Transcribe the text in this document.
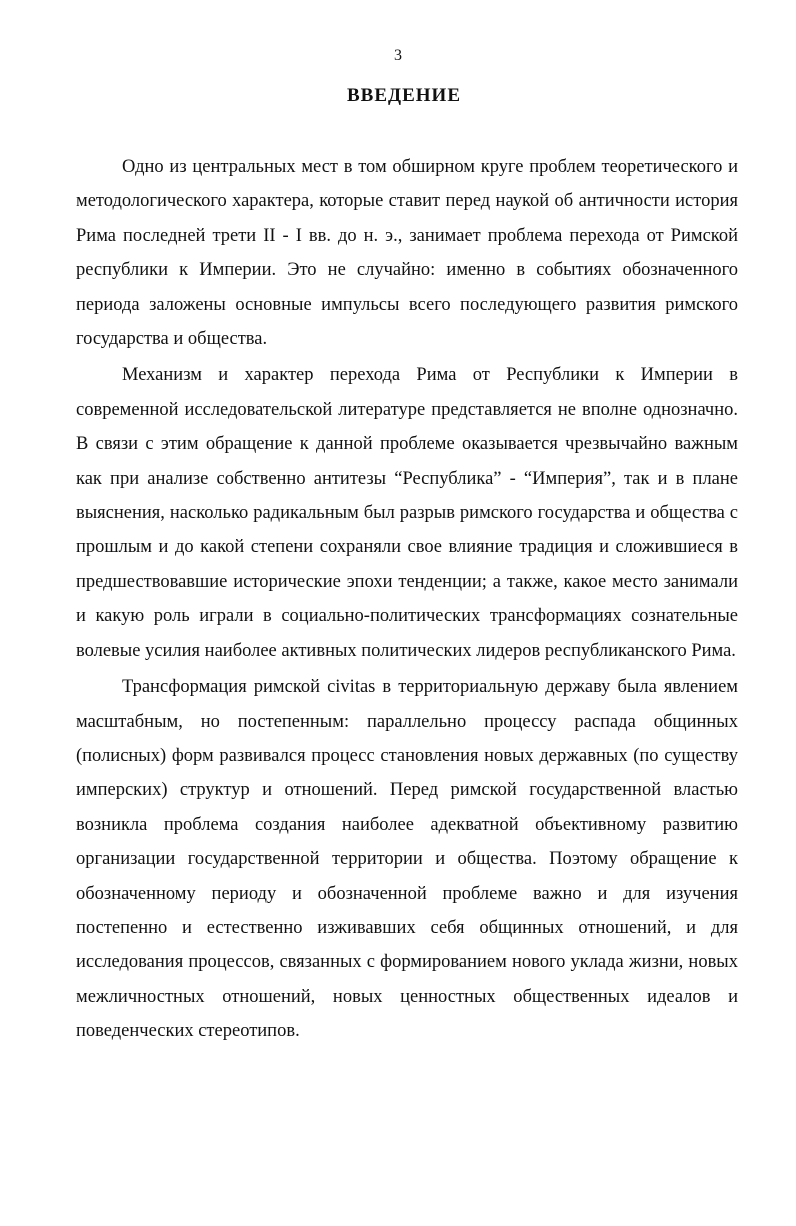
3
ВВЕДЕНИЕ

Одно из центральных мест в том обширном круге проблем теоретического и методологического характера, которые ставит перед наукой об античности история Рима последней трети II - I вв. до н. э., занимает проблема перехода от Римской республики к Империи. Это не случайно: именно в событиях обозначенного периода заложены основные импульсы всего последующего развития римского государства и общества.

Механизм и характер перехода Рима от Республики к Империи в современной исследовательской литературе представляется не вполне однозначно. В связи с этим обращение к данной проблеме оказывается чрезвычайно важным как при анализе собственно антитезы “Республика” - “Империя”, так и в плане выяснения, насколько радикальным был разрыв римского государства и общества с прошлым и до какой степени сохраняли свое влияние традиция и сложившиеся в предшествовавшие исторические эпохи тенденции; а также, какое место занимали и какую роль играли в социально-политических трансформациях сознательные волевые усилия наиболее активных политических лидеров республиканского Рима.

Трансформация римской civitas в территориальную державу была явлением масштабным, но постепенным: параллельно процессу распада общинных (полисных) форм развивался процесс становления новых державных (по существу имперских) структур и отношений. Перед римской государственной властью возникла проблема создания наиболее адекватной объективному развитию организации государственной территории и общества. Поэтому обращение к обозначенному периоду и обозначенной проблеме важно и для изучения постепенно и естественно изживавших себя общинных отношений, и для исследования процессов, связанных с формированием нового уклада жизни, новых межличностных отношений, новых ценностных общественных идеалов и поведенческих стереотипов.
